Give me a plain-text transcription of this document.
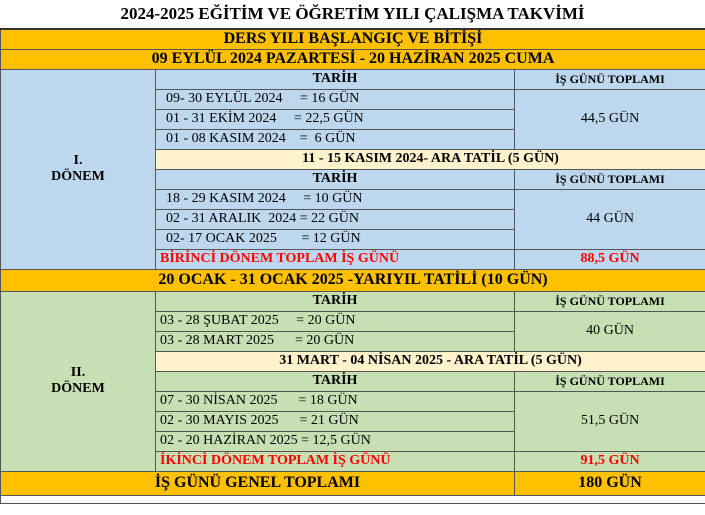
2024-2025 EĞİTİM VE ÖĞRETİM YILI ÇALIŞMA TAKVİMİ
DERS YILI BAŞLANGIÇ VE BİTİŞİ		
09 EYLÜL 2024 PAZARTESİ - 20 HAZİRAN 2025 CUMA		

I.
DÖNEM	TARİH	İŞ GÜNÜ TOPLAMI
	09- 30 EYLÜL 2024     = 16 GÜN	44,5 GÜN
	01 - 31 EKİM 2024     = 22,5 GÜN	
	01 - 08 KASIM 2024    =  6 GÜN	
	11 - 15 KASIM 2024- ARA TATİL (5 GÜN)	
	TARİH	İŞ GÜNÜ TOPLAMI
	18 - 29 KASIM 2024     = 10 GÜN	44 GÜN
	02 - 31 ARALIK  2024 = 22 GÜN	
	02- 17 OCAK 2025       = 12 GÜN	
	BİRİNCİ DÖNEM TOPLAM İŞ GÜNÜ	88,5 GÜN
20 OCAK - 31 OCAK 2025 -YARIYIL TATİLİ (10 GÜN)		

II.
DÖNEM	TARİH	İŞ GÜNÜ TOPLAMI
	03 - 28 ŞUBAT 2025     = 20 GÜN	40 GÜN
	03 - 28 MART 2025      = 20 GÜN	
	31 MART - 04 NİSAN 2025 - ARA TATİL (5 GÜN)	
	TARİH	İŞ GÜNÜ TOPLAMI
	07 - 30 NİSAN 2025      = 18 GÜN	51,5 GÜN
	02 - 30 MAYIS 2025      = 21 GÜN	
	02 - 20 HAZİRAN 2025 = 12,5 GÜN	
	İKİNCİ DÖNEM TOPLAM İŞ GÜNÜ	91,5 GÜN
İŞ GÜNÜ GENEL TOPLAMI		180 GÜN
